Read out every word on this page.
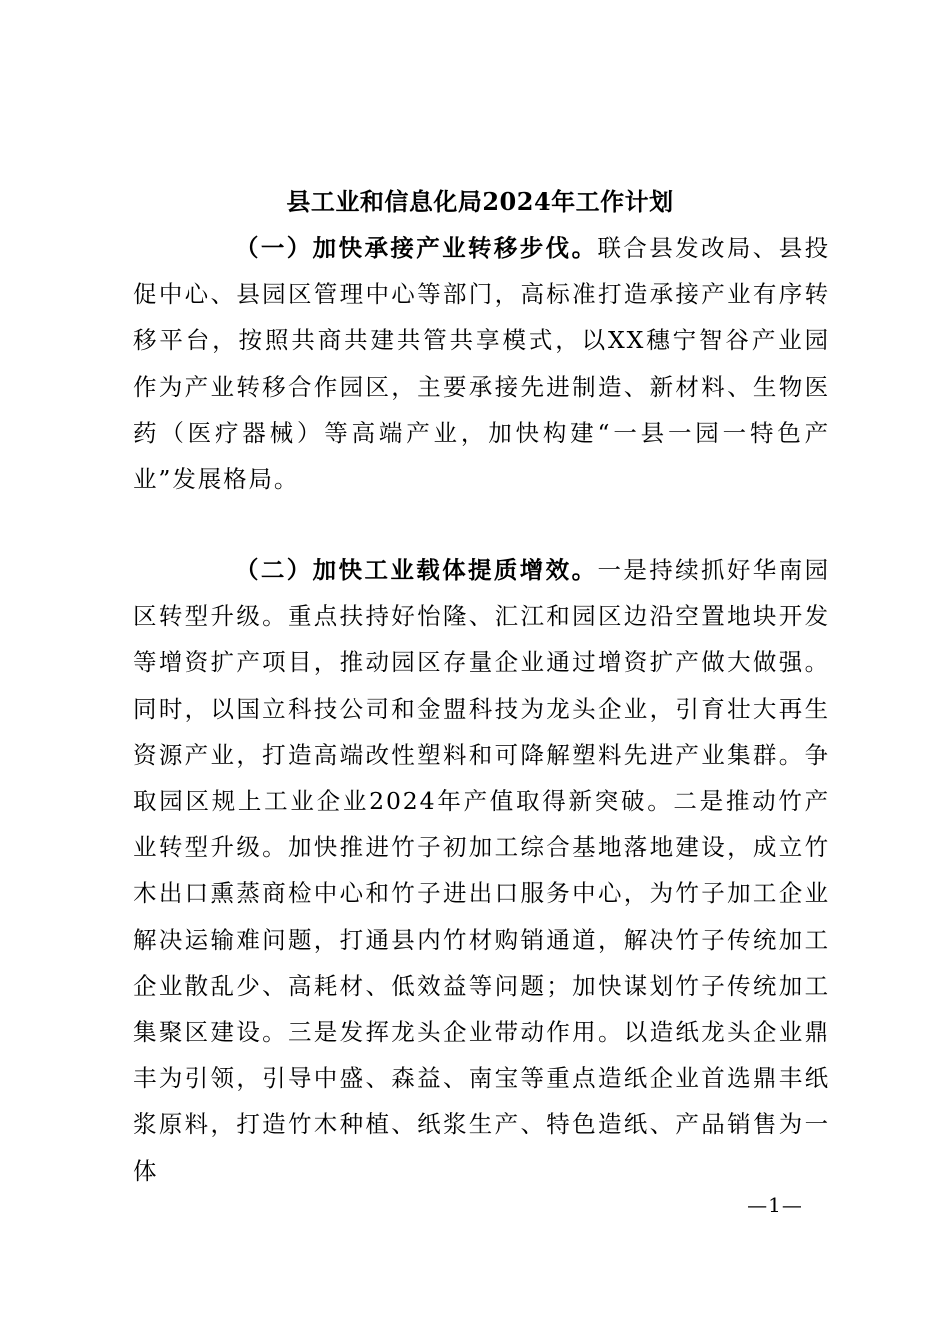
县工业和信息化局2024年工作计划

（一）加快承接产业转移步伐。联合县发改局、县投促中心、县园区管理中心等部门，高标准打造承接产业有序转移平台，按照共商共建共管共享模式，以XX穗宁智谷产业园作为产业转移合作园区，主要承接先进制造、新材料、生物医药（医疗器械）等高端产业，加快构建“一县一园一特色产业”发展格局。

（二）加快工业载体提质增效。一是持续抓好华南园区转型升级。重点扶持好怡隆、汇江和园区边沿空置地块开发等增资扩产项目，推动园区存量企业通过增资扩产做大做强。同时，以国立科技公司和金盟科技为龙头企业，引育壮大再生资源产业，打造高端改性塑料和可降解塑料先进产业集群。争取园区规上工业企业2024年产值取得新突破。二是推动竹产业转型升级。加快推进竹子初加工综合基地落地建设，成立竹木出口熏蒸商检中心和竹子进出口服务中心，为竹子加工企业解决运输难问题，打通县内竹材购销通道，解决竹子传统加工企业散乱少、高耗材、低效益等问题；加快谋划竹子传统加工集聚区建设。三是发挥龙头企业带动作用。以造纸龙头企业鼎丰为引领，引导中盛、森益、南宝等重点造纸企业首选鼎丰纸浆原料，打造竹木种植、纸浆生产、特色造纸、产品销售为一体

—1—
